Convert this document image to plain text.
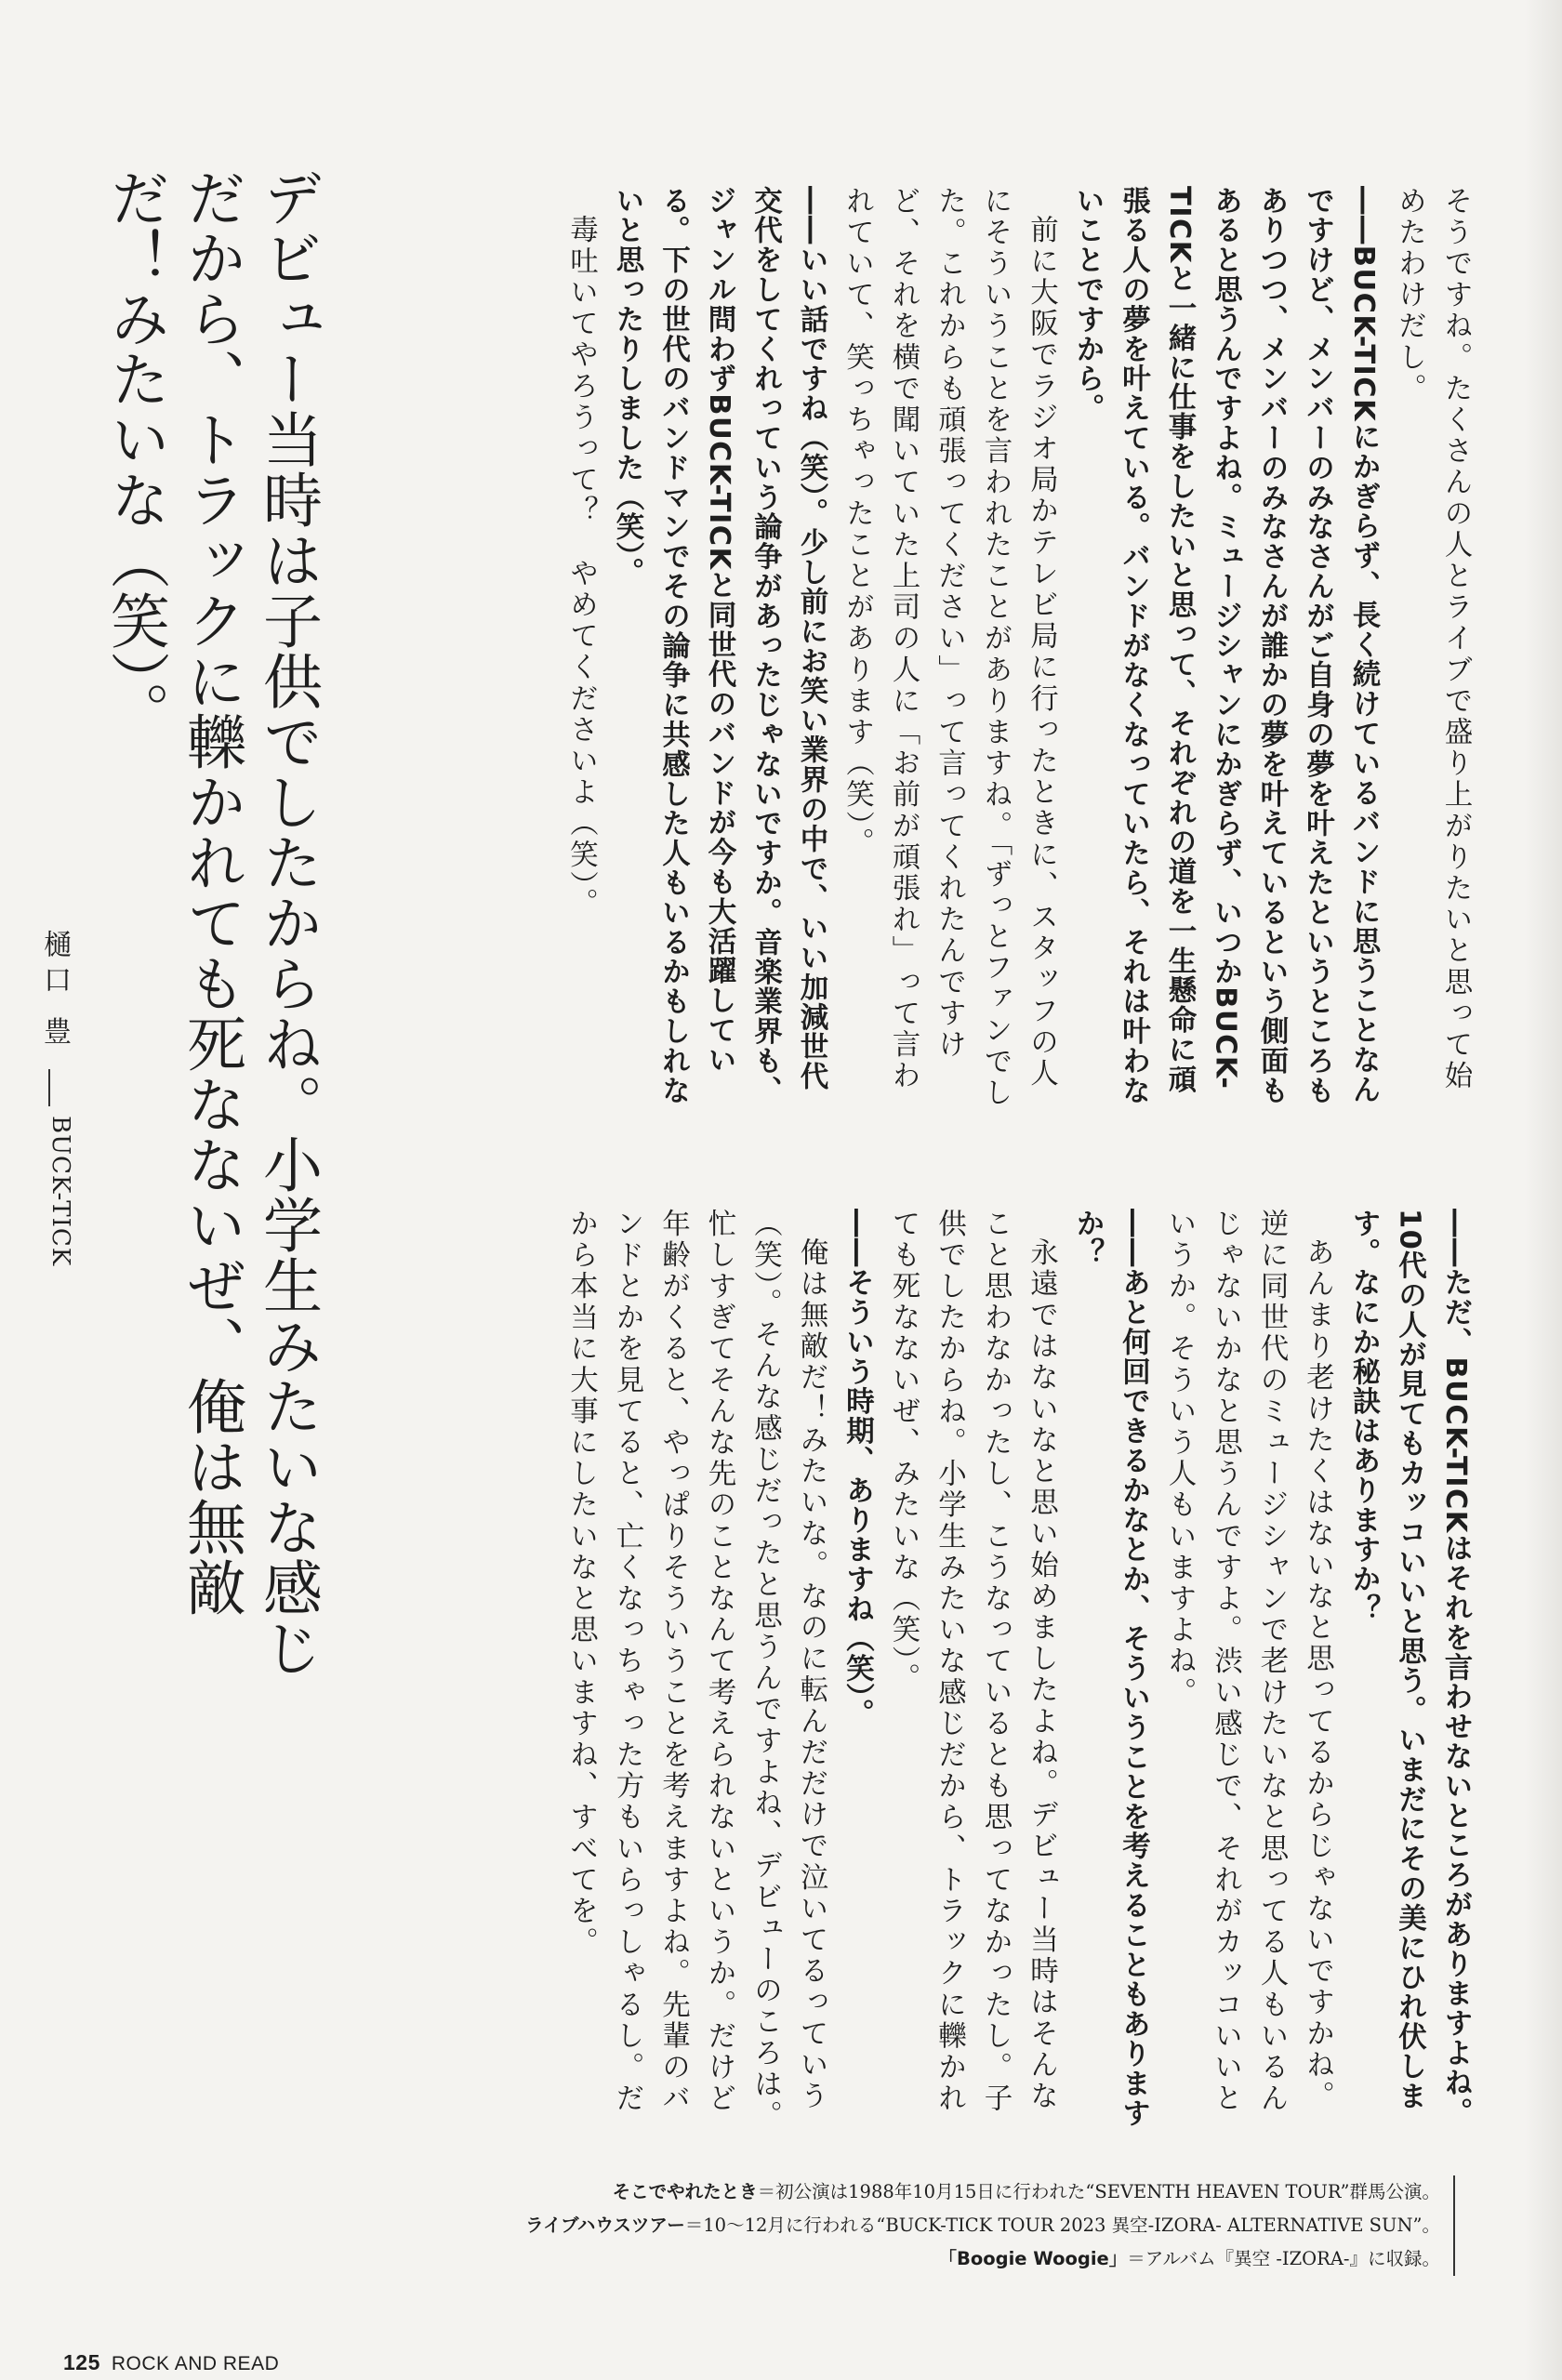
そうですね。たくさんの人とライブで盛り上がりたいと思って始めたわけだし。

――BUCK-TICKにかぎらず、長く続けているバンドに思うことなんですけど、メンバーのみなさんがご自身の夢を叶えたというところもありつつ、メンバーのみなさんが誰かの夢を叶えているという側面もあると思うんですよね。ミュージシャンにかぎらず、いつかBUCK-TICKと一緒に仕事をしたいと思って、それぞれの道を一生懸命に頑張る人の夢を叶えている。バンドがなくなっていたら、それは叶わないことですから。

前に大阪でラジオ局かテレビ局に行ったときに、スタッフの人にそういうことを言われたことがありますね。「ずっとファンでした。これからも頑張ってください」って言ってくれたんですけど、それを横で聞いていた上司の人に「お前が頑張れ」って言われていて、笑っちゃったことがあります（笑）。

――いい話ですね（笑）。少し前にお笑い業界の中で、いい加減世代交代をしてくれっていう論争があったじゃないですか。音楽業界も、ジャンル問わずBUCK-TICKと同世代のバンドが今も大活躍している。下の世代のバンドマンでその論争に共感した人もいるかもしれないと思ったりしました（笑）。

毒吐いてやろうって？　やめてくださいよ（笑）。

――ただ、BUCK-TICKはそれを言わせないところがありますよね。10代の人が見てもカッコいいと思う。いまだにその美にひれ伏します。なにか秘訣はありますか？

あんまり老けたくはないなと思ってるからじゃないですかね。逆に同世代のミュージシャンで老けたいなと思ってる人もいるんじゃないかなと思うんですよ。渋い感じで、それがカッコいいというか。そういう人もいますよね。

――あと何回できるかなとか、そういうことを考えることもありますか？

永遠ではないなと思い始めましたよね。デビュー当時はそんなこと思わなかったし、こうなっているとも思ってなかったし。子供でしたからね。小学生みたいな感じだから、トラックに轢かれても死なないぜ、みたいな（笑）。

――そういう時期、ありますね（笑）。

俺は無敵だ！みたいな。なのに転んだだけで泣いてるっていう（笑）。そんな感じだったと思うんですよね、デビューのころは。忙しすぎてそんな先のことなんて考えられないというか。だけど年齢がくると、やっぱりそういうことを考えますよね。先輩のバンドとかを見てると、亡くなっちゃった方もいらっしゃるし。だから本当に大事にしたいなと思いますね、すべてを。

デビュー当時は子供でしたからね。小学生みたいな感じだから、トラックに轢かれても死なないぜ、俺は無敵だ！みたいな（笑）。
樋口 豊
BUCK-TICK
そこでやれたとき＝初公演は1988年10月15日に行われた“SEVENTH HEAVEN TOUR”群馬公演。
ライブハウスツアー＝10～12月に行われる“BUCK-TICK TOUR 2023 異空-IZORA- ALTERNATIVE SUN”。
「Boogie Woogie」＝アルバム『異空 -IZORA-』に収録。
125 ROCK AND READ
